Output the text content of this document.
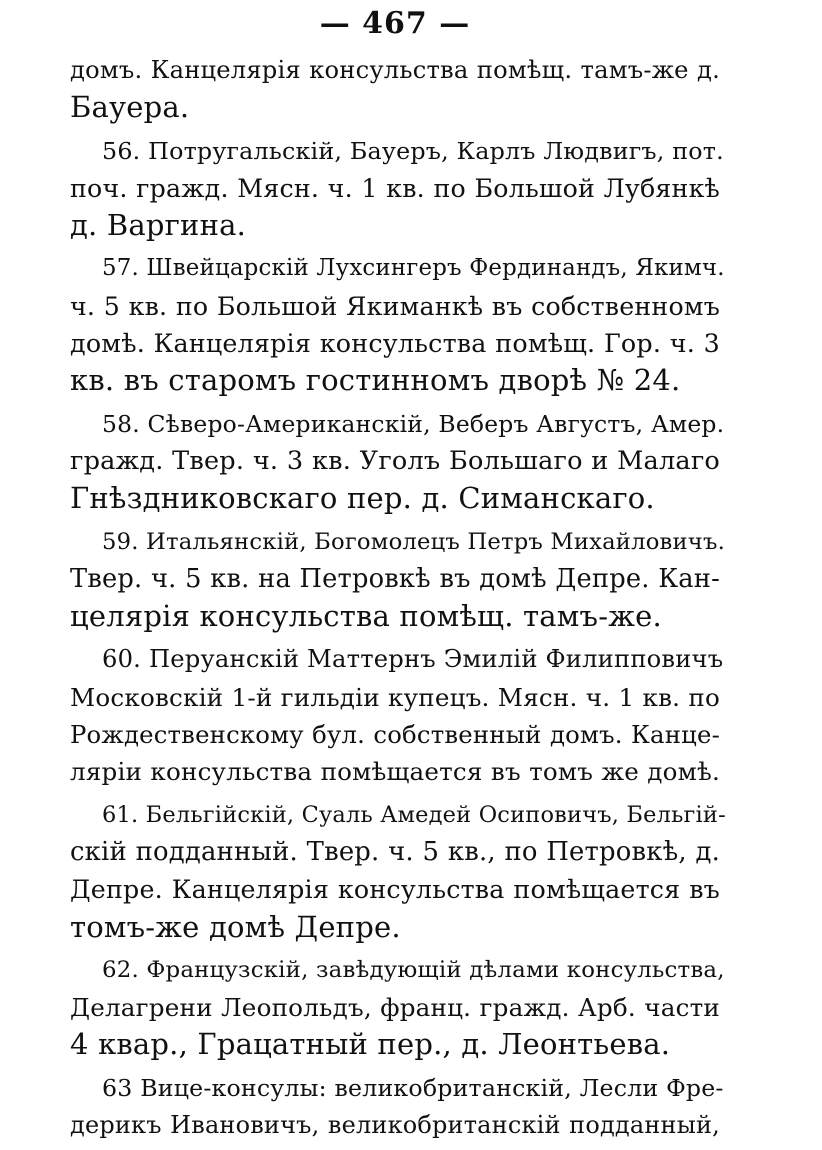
— 467 —
домъ. Канцелярія консульства помѣщ. тамъ-же д.
Бауера.
56. Потругальскій, Бауеръ, Карлъ Людвигъ, пот.
поч. гражд. Мясн. ч. 1 кв. по Большой Лубянкѣ
д. Варгина.
57. Швейцарскій Лухсингеръ Фердинандъ, Якимч.
ч. 5 кв. по Большой Якиманкѣ въ собственномъ
домѣ. Канцелярія консульства помѣщ. Гор. ч. 3
кв. въ старомъ гостинномъ дворѣ № 24.
58. Сѣверо-Американскій, Веберъ Августъ, Амер.
гражд. Твер. ч. 3 кв. Уголъ Большаго и Малаго
Гнѣздниковскаго пер. д. Симанскаго.
59. Итальянскій, Богомолецъ Петръ Михайловичъ.
Твер. ч. 5 кв. на Петровкѣ въ домѣ Депре. Кан-
целярія консульства помѣщ. тамъ-же.
60. Перуанскій Маттернъ Эмилій Филипповичъ
Московскій 1-й гильдіи купецъ. Мясн. ч. 1 кв. по
Рождественскому бул. собственный домъ. Канце-
ляріи консульства помѣщается въ томъ же домѣ.
61. Бельгійскій, Суаль Амедей Осиповичъ, Бельгій-
скій подданный. Твер. ч. 5 кв., по Петровкѣ, д.
Депре. Канцелярія консульства помѣщается въ
томъ-же домѣ Депре.
62. Французскій, завѣдующій дѣлами консульства,
Делагрени Леопольдъ, франц. гражд. Арб. части
4 квар., Грацатный пер., д. Леонтьева.
63 Вице-консулы: великобританскій, Лесли Фре-
дерикъ Ивановичъ, великобританскій подданный,
